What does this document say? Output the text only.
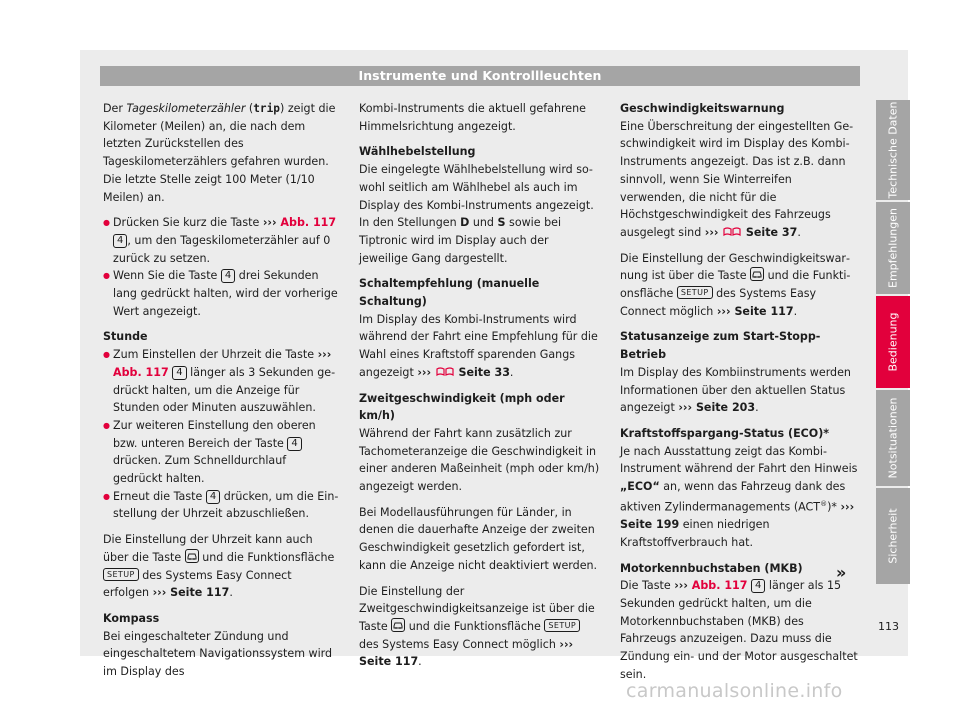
Instrumente und Kontrollleuchten

Der Tageskilometerzähler (trip) zeigt die Kilometer (Meilen) an, die nach dem letzten Zurückstellen des Tageskilometerzählers gefahren wurden. Die letzte Stelle zeigt 100 Meter (1/10 Meilen) an.

● Drücken Sie kurz die Taste ››› Abb. 117 4 , um den Tageskilometerzähler auf 0 zurück zu setzen.

● Wenn Sie die Taste 4 drei Sekunden lang gedrückt halten, wird der vorherige Wert angezeigt.

Stunde

● Zum Einstellen der Uhrzeit die Taste ››› Abb. 117 4 länger als 3 Sekunden gedrückt halten, um die Anzeige für Stunden oder Minuten auszuwählen.

● Zur weiteren Einstellung den oberen bzw. unteren Bereich der Taste 4 drücken. Zum Schnelldurchlauf gedrückt halten.

● Erneut die Taste 4 drücken, um die Einstellung der Uhrzeit abzuschließen.

Die Einstellung der Uhrzeit kann auch über die Taste
und die Funktionsfläche SETUP des Systems Easy Connect erfolgen ››› Seite 117.

Kompass

Bei eingeschalteter Zündung und eingeschaltetem Navigationssystem wird im Display des

Kombi-Instruments die aktuell gefahrene Himmelsrichtung angezeigt.

Wählhebelstellung

Die eingelegte Wählhebelstellung wird sowohl seitlich am Wählhebel als auch im Display des Kombi-Instruments angezeigt. In den Stellungen D und S sowie bei Tiptronic wird im Display auch der jeweilige Gang dargestellt.

Schaltempfehlung (manuelle Schaltung)

Im Display des Kombi-Instruments wird während der Fahrt eine Empfehlung für die Wahl eines Kraftstoff sparenden Gangs angezeigt ›››  Seite 33.

Zweitgeschwindigkeit (mph oder km/h)

Während der Fahrt kann zusätzlich zur Tachometeranzeige die Geschwindigkeit in einer anderen Maßeinheit (mph oder km/h) angezeigt werden.

Bei Modellausführungen für Länder, in denen die dauerhafte Anzeige der zweiten Geschwindigkeit gesetzlich gefordert ist, kann die Anzeige nicht deaktiviert werden.

Die Einstellung der Zweitgeschwindigkeitsanzeige ist über die Taste
und die Funktionsfläche SETUP des Systems Easy Connect möglich ››› Seite 117.

Geschwindigkeitswarnung

Eine Überschreitung der eingestellten Geschwindigkeit wird im Display des Kombi-Instruments angezeigt. Das ist z.B. dann sinnvoll, wenn Sie Winterreifen verwenden, die nicht für die Höchstgeschwindigkeit des Fahrzeugs ausgelegt sind ›››  Seite 37.

Die Einstellung der Geschwindigkeitswarnung ist über die Taste
und die Funktionsfläche SETUP des Systems Easy Connect möglich ››› Seite 117.

Statusanzeige zum Start-Stopp-Betrieb

Im Display des Kombiinstruments werden Informationen über den aktuellen Status angezeigt ››› Seite 203.

Kraftstoffspargang-Status (ECO)*

Je nach Ausstattung zeigt das Kombi-Instrument während der Fahrt den Hinweis „ECO“ an, wenn das Fahrzeug dank des aktiven Zylindermanagements (ACT®)* ››› Seite 199 einen niedrigen Kraftstoffverbrauch hat.

Motorkennbuchstaben (MKB)

Die Taste ››› Abb. 117 4 länger als 15 Sekunden gedrückt halten, um die Motorkennbuchstaben (MKB) des Fahrzeugs anzuzeigen. Dazu muss die Zündung ein- und der Motor ausgeschaltet sein.

»
Technische Daten
Empfehlungen
Bedienung
Notsituationen
Sicherheit
113
carmanualsonline.info
